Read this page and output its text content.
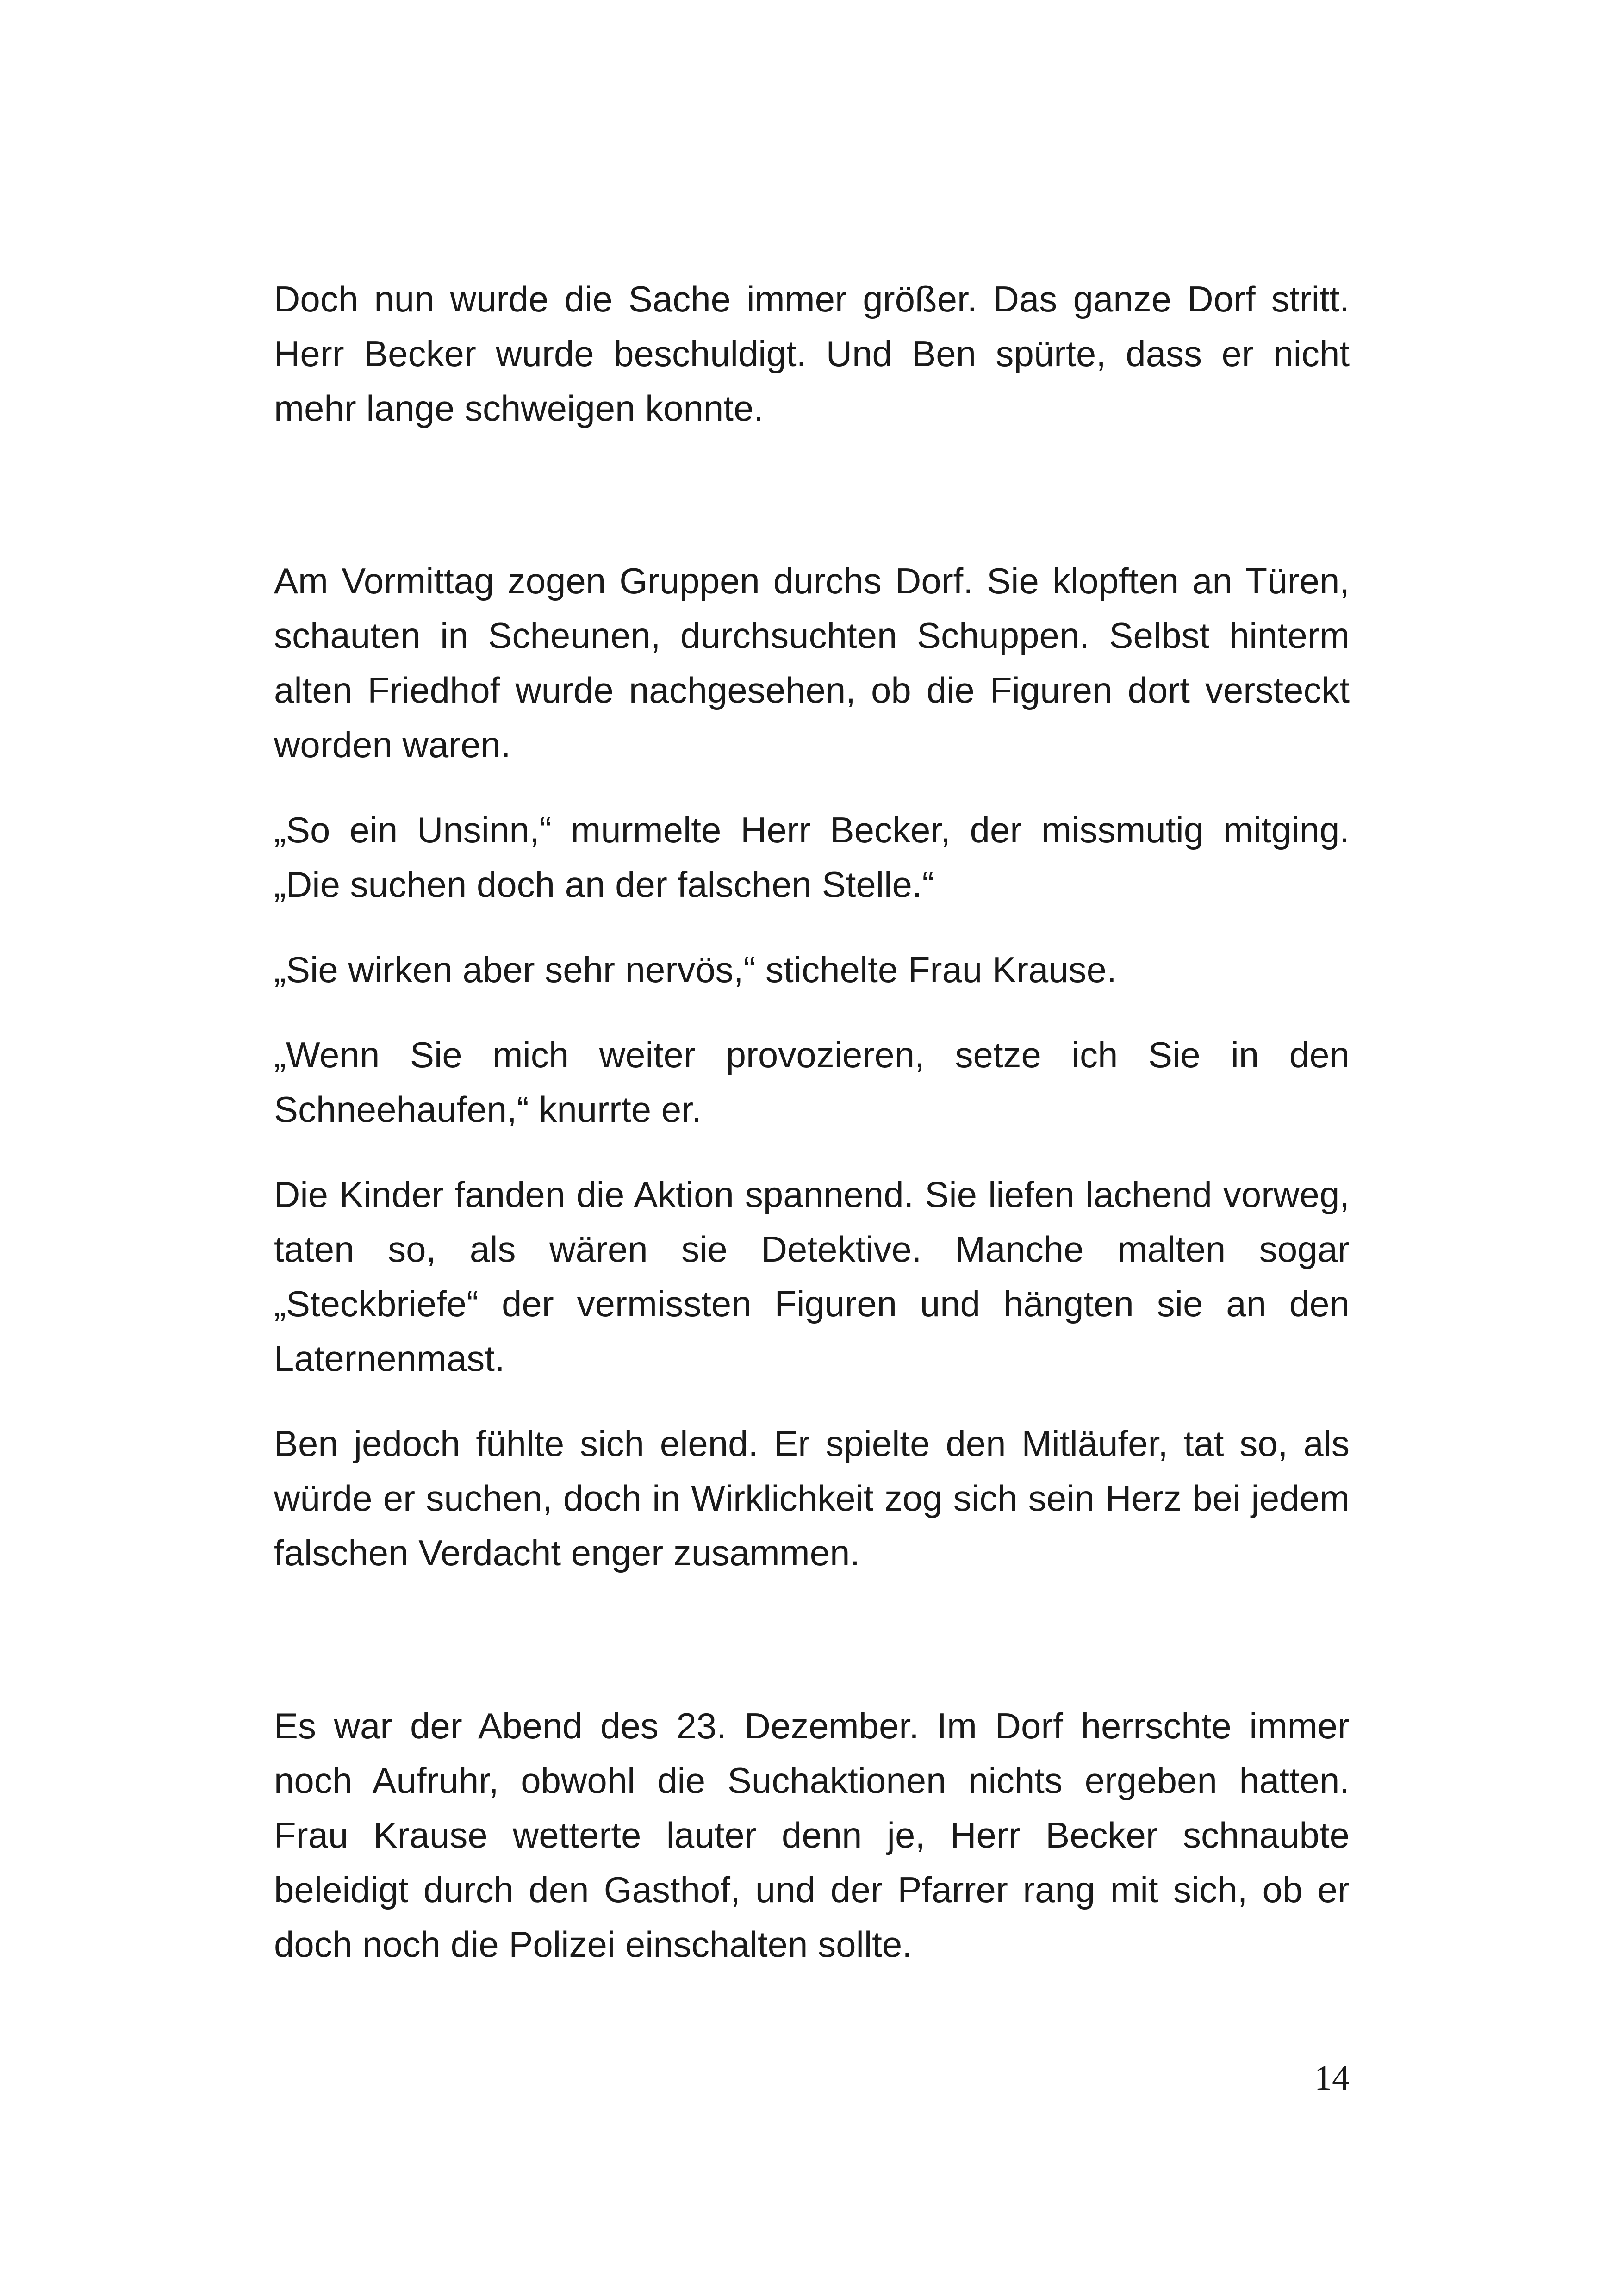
Doch nun wurde die Sache immer größer. Das ganze Dorf stritt. Herr Becker wurde beschuldigt. Und Ben spürte, dass er nicht mehr lange schweigen konnte.

Am Vormittag zogen Gruppen durchs Dorf. Sie klopften an Türen, schauten in Scheunen, durchsuchten Schuppen. Selbst hinterm alten Friedhof wurde nachgesehen, ob die Figuren dort versteckt worden waren.

„So ein Unsinn,“ murmelte Herr Becker, der missmutig mitging. „Die suchen doch an der falschen Stelle.“

„Sie wirken aber sehr nervös,“ stichelte Frau Krause.

„Wenn Sie mich weiter provozieren, setze ich Sie in den Schneehaufen,“ knurrte er.

Die Kinder fanden die Aktion spannend. Sie liefen lachend vorweg, taten so, als wären sie Detektive. Manche malten sogar „Steckbriefe“ der vermissten Figuren und hängten sie an den Laternenmast.

Ben jedoch fühlte sich elend. Er spielte den Mitläufer, tat so, als würde er suchen, doch in Wirklichkeit zog sich sein Herz bei jedem falschen Verdacht enger zusammen.

Es war der Abend des 23. Dezember. Im Dorf herrschte immer noch Aufruhr, obwohl die Suchaktionen nichts ergeben hatten. Frau Krause wetterte lauter denn je, Herr Becker schnaubte beleidigt durch den Gasthof, und der Pfarrer rang mit sich, ob er doch noch die Polizei einschalten sollte.

14
